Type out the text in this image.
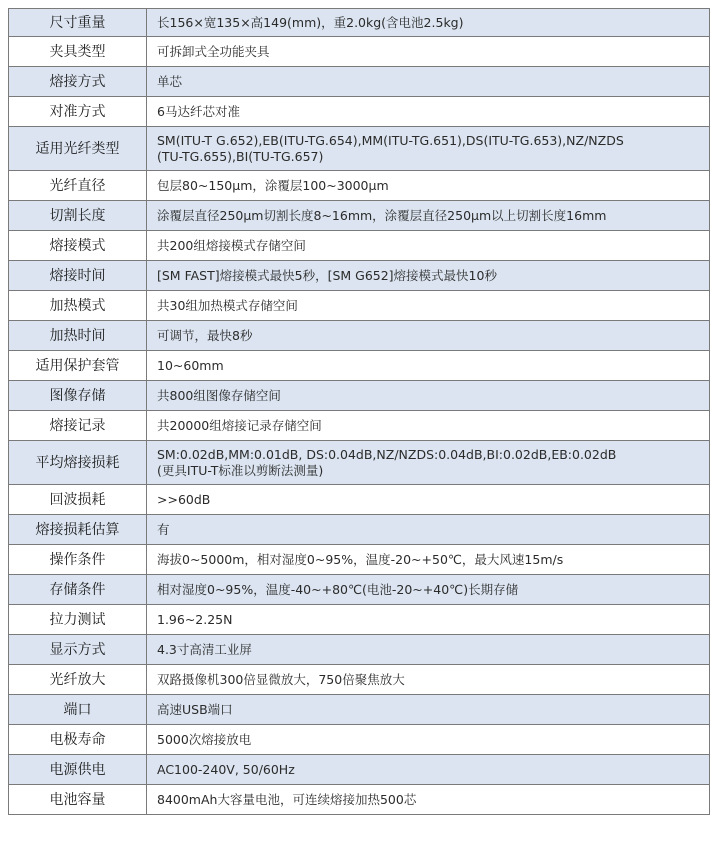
尺寸重量	长156×宽135×高149(mm)，重2.0kg(含电池2.5kg)

夹具类型	可拆卸式全功能夹具

熔接方式	单芯

对准方式	6马达纤芯对准

适用光纤类型	SM(ITU-T G.652),EB(ITU-TG.654),MM(ITU-TG.651),DS(ITU-TG.653),NZ/NZDS
(TU-TG.655),BI(TU-TG.657)

光纤直径	包层80~150μm，涂覆层100~3000μm

切割长度	涂覆层直径250μm切割长度8~16mm，涂覆层直径250μm以上切割长度16mm

熔接模式	共200组熔接模式存储空间

熔接时间	[SM FAST]熔接模式最快5秒，[SM G652]熔接模式最快10秒

加热模式	共30组加热模式存储空间

加热时间	可调节，最快8秒

适用保护套管	10~60mm

图像存储	共800组图像存储空间

熔接记录	共20000组熔接记录存储空间

平均熔接损耗	SM:0.02dB,MM:0.01dB, DS:0.04dB,NZ/NZDS:0.04dB,BI:0.02dB,EB:0.02dB
(更具ITU-T标准以剪断法测量)

回波损耗	>>60dB

熔接损耗估算	有

操作条件	海拔0~5000m，相对湿度0~95%，温度-20~+50℃，最大风速15m/s

存储条件	相对湿度0~95%，温度-40~+80℃(电池-20~+40℃)长期存储

拉力测试	1.96~2.25N

显示方式	4.3寸高清工业屏

光纤放大	双路摄像机300倍显微放大，750倍聚焦放大

端口	高速USB端口

电极寿命	5000次熔接放电

电源供电	AC100-240V, 50/60Hz

电池容量	8400mAh大容量电池，可连续熔接加热500芯
